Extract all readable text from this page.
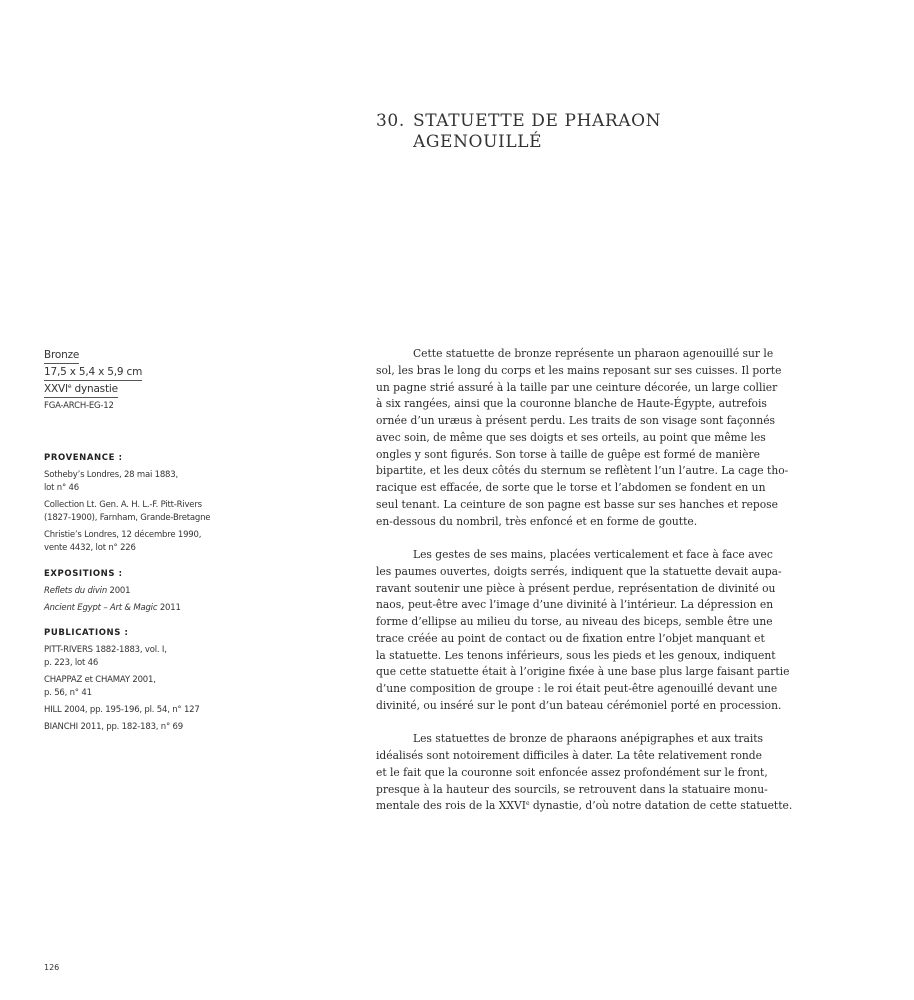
30. STATUETTE DE PHARAON
AGENOUILLÉ
Bronze
17,5 x 5,4 x 5,9 cm
XXVIe dynastie
FGA-ARCH-EG-12
PROVENANCE :
Sotheby’s Londres, 28 mai 1883,
lot n° 46
Collection Lt. Gen. A. H. L.-F. Pitt-Rivers
(1827-1900), Farnham, Grande-Bretagne
Christie’s Londres, 12 décembre 1990,
vente 4432, lot n° 226
EXPOSITIONS :
Reflets du divin 2001
Ancient Egypt – Art & Magic 2011
PUBLICATIONS :
PITT-RIVERS 1882-1883, vol. I,
p. 223, lot 46
CHAPPAZ et CHAMAY 2001,
p. 56, n° 41
HILL 2004, pp. 195-196, pl. 54, n° 127
BIANCHI 2011, pp. 182-183, n° 69
Cette statuette de bronze représente un pharaon agenouillé sur le
sol, les bras le long du corps et les mains reposant sur ses cuisses. Il porte
un pagne strié assuré à la taille par une ceinture décorée, un large collier
à six rangées, ainsi que la couronne blanche de Haute-Égypte, autrefois
ornée d’un uræus à présent perdu. Les traits de son visage sont façonnés
avec soin, de même que ses doigts et ses orteils, au point que même les
ongles y sont figurés. Son torse à taille de guêpe est formé de manière
bipartite, et les deux côtés du sternum se reflètent l’un l’autre. La cage tho-
racique est effacée, de sorte que le torse et l’abdomen se fondent en un
seul tenant. La ceinture de son pagne est basse sur ses hanches et repose
en-dessous du nombril, très enfoncé et en forme de goutte.
Les gestes de ses mains, placées verticalement et face à face avec
les paumes ouvertes, doigts serrés, indiquent que la statuette devait aupa-
ravant soutenir une pièce à présent perdue, représentation de divinité ou
naos, peut-être avec l’image d’une divinité à l’intérieur. La dépression en
forme d’ellipse au milieu du torse, au niveau des biceps, semble être une
trace créée au point de contact ou de fixation entre l’objet manquant et
la statuette. Les tenons inférieurs, sous les pieds et les genoux, indiquent
que cette statuette était à l’origine fixée à une base plus large faisant partie
d’une composition de groupe : le roi était peut-être agenouillé devant une
divinité, ou inséré sur le pont d’un bateau cérémoniel porté en procession.
Les statuettes de bronze de pharaons anépigraphes et aux traits
idéalisés sont notoirement difficiles à dater. La tête relativement ronde
et le fait que la couronne soit enfoncée assez profondément sur le front,
presque à la hauteur des sourcils, se retrouvent dans la statuaire monu-
mentale des rois de la XXVIe dynastie, d’où notre datation de cette statuette.
126
